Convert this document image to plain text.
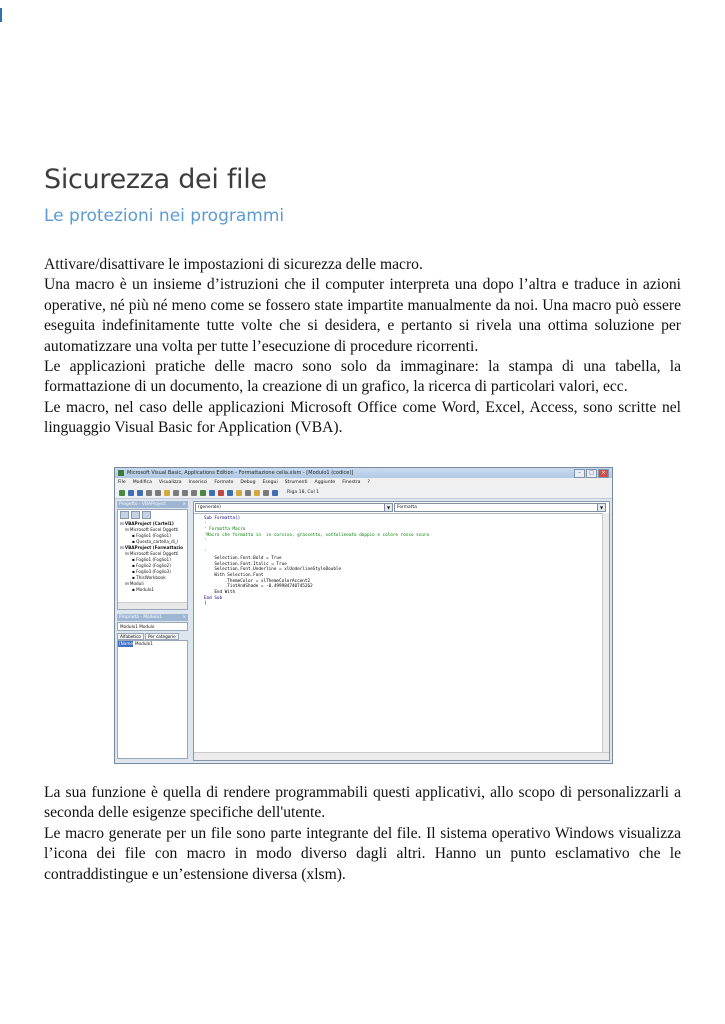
Sicurezza dei file
Le protezioni nei programmi

Attivare/disattivare le impostazioni di sicurezza delle macro.

Una macro è un insieme d’istruzioni che il computer interpreta una dopo l’altra e traduce in azioni operative, né più né meno come se fossero state impartite manualmente da noi. Una macro può essere eseguita indefinitamente tutte volte che si desidera, e pertanto si rivela una ottima soluzione per automatizzare una volta per tutte l’esecuzione di procedure ricorrenti.

Le applicazioni pratiche delle macro sono solo da immaginare: la stampa di una tabella, la formattazione di un documento, la creazione di un grafico, la ricerca di particolari valori, ecc.

Le macro, nel caso delle applicazioni Microsoft Office come Word, Excel, Access, sono scritte nel linguaggio Visual Basic for Application (VBA).

Microsoft Visual Basic, Applications Edition - Formattazione cella.xlsm - [Modulo1 (codice)]	–	□	×
File Modifica Visualizza Inserisci Formato Debug Esegui Strumenti Aggiunte Finestra ?
Riga 18, Col 1
Progetto - VBAProject	×
⊟ VBAProject (Cartel1)
⊟ Microsoft Excel Oggetti
▪ Foglio1 (Foglio1)
▪ Questa_cartella_di_l
⊟ VBAProject (Formattazio
⊟ Microsoft Excel Oggetti
▪ Foglio1 (Foglio1)
▪ Foglio2 (Foglio2)
▪ Foglio3 (Foglio3)
▪ ThisWorkbook
⊟ Moduli
▪ Modulo1
Proprietà - Modulo1	×
Modulo1 Modulo
Alfabetico	Per categorie
(Name) Modulo1
(generale)	▼	Formatta	▼
Sub Formatta()
'
' Formatta Macro
'Macro che formatta in  in corsivo, grassetto, sottolineato doppio e colore rosso scuro
'
'
Selection.Font.Bold = True
Selection.Font.Italic = True
Selection.Font.Underline = xlUnderlineStyleDouble
With Selection.Font
.ThemeColor = xlThemeColorAccent2
.TintAndShade = -0.499984740745262
End With
End Sub
|

La sua funzione è quella di rendere programmabili questi applicativi, allo scopo di personalizzarli a seconda delle esigenze specifiche dell'utente.

Le macro generate per un file sono parte integrante del file. Il sistema operativo Windows visualizza l’icona dei file con macro in modo diverso dagli altri. Hanno un punto esclamativo che le contraddistingue e un’estensione diversa (xlsm).
